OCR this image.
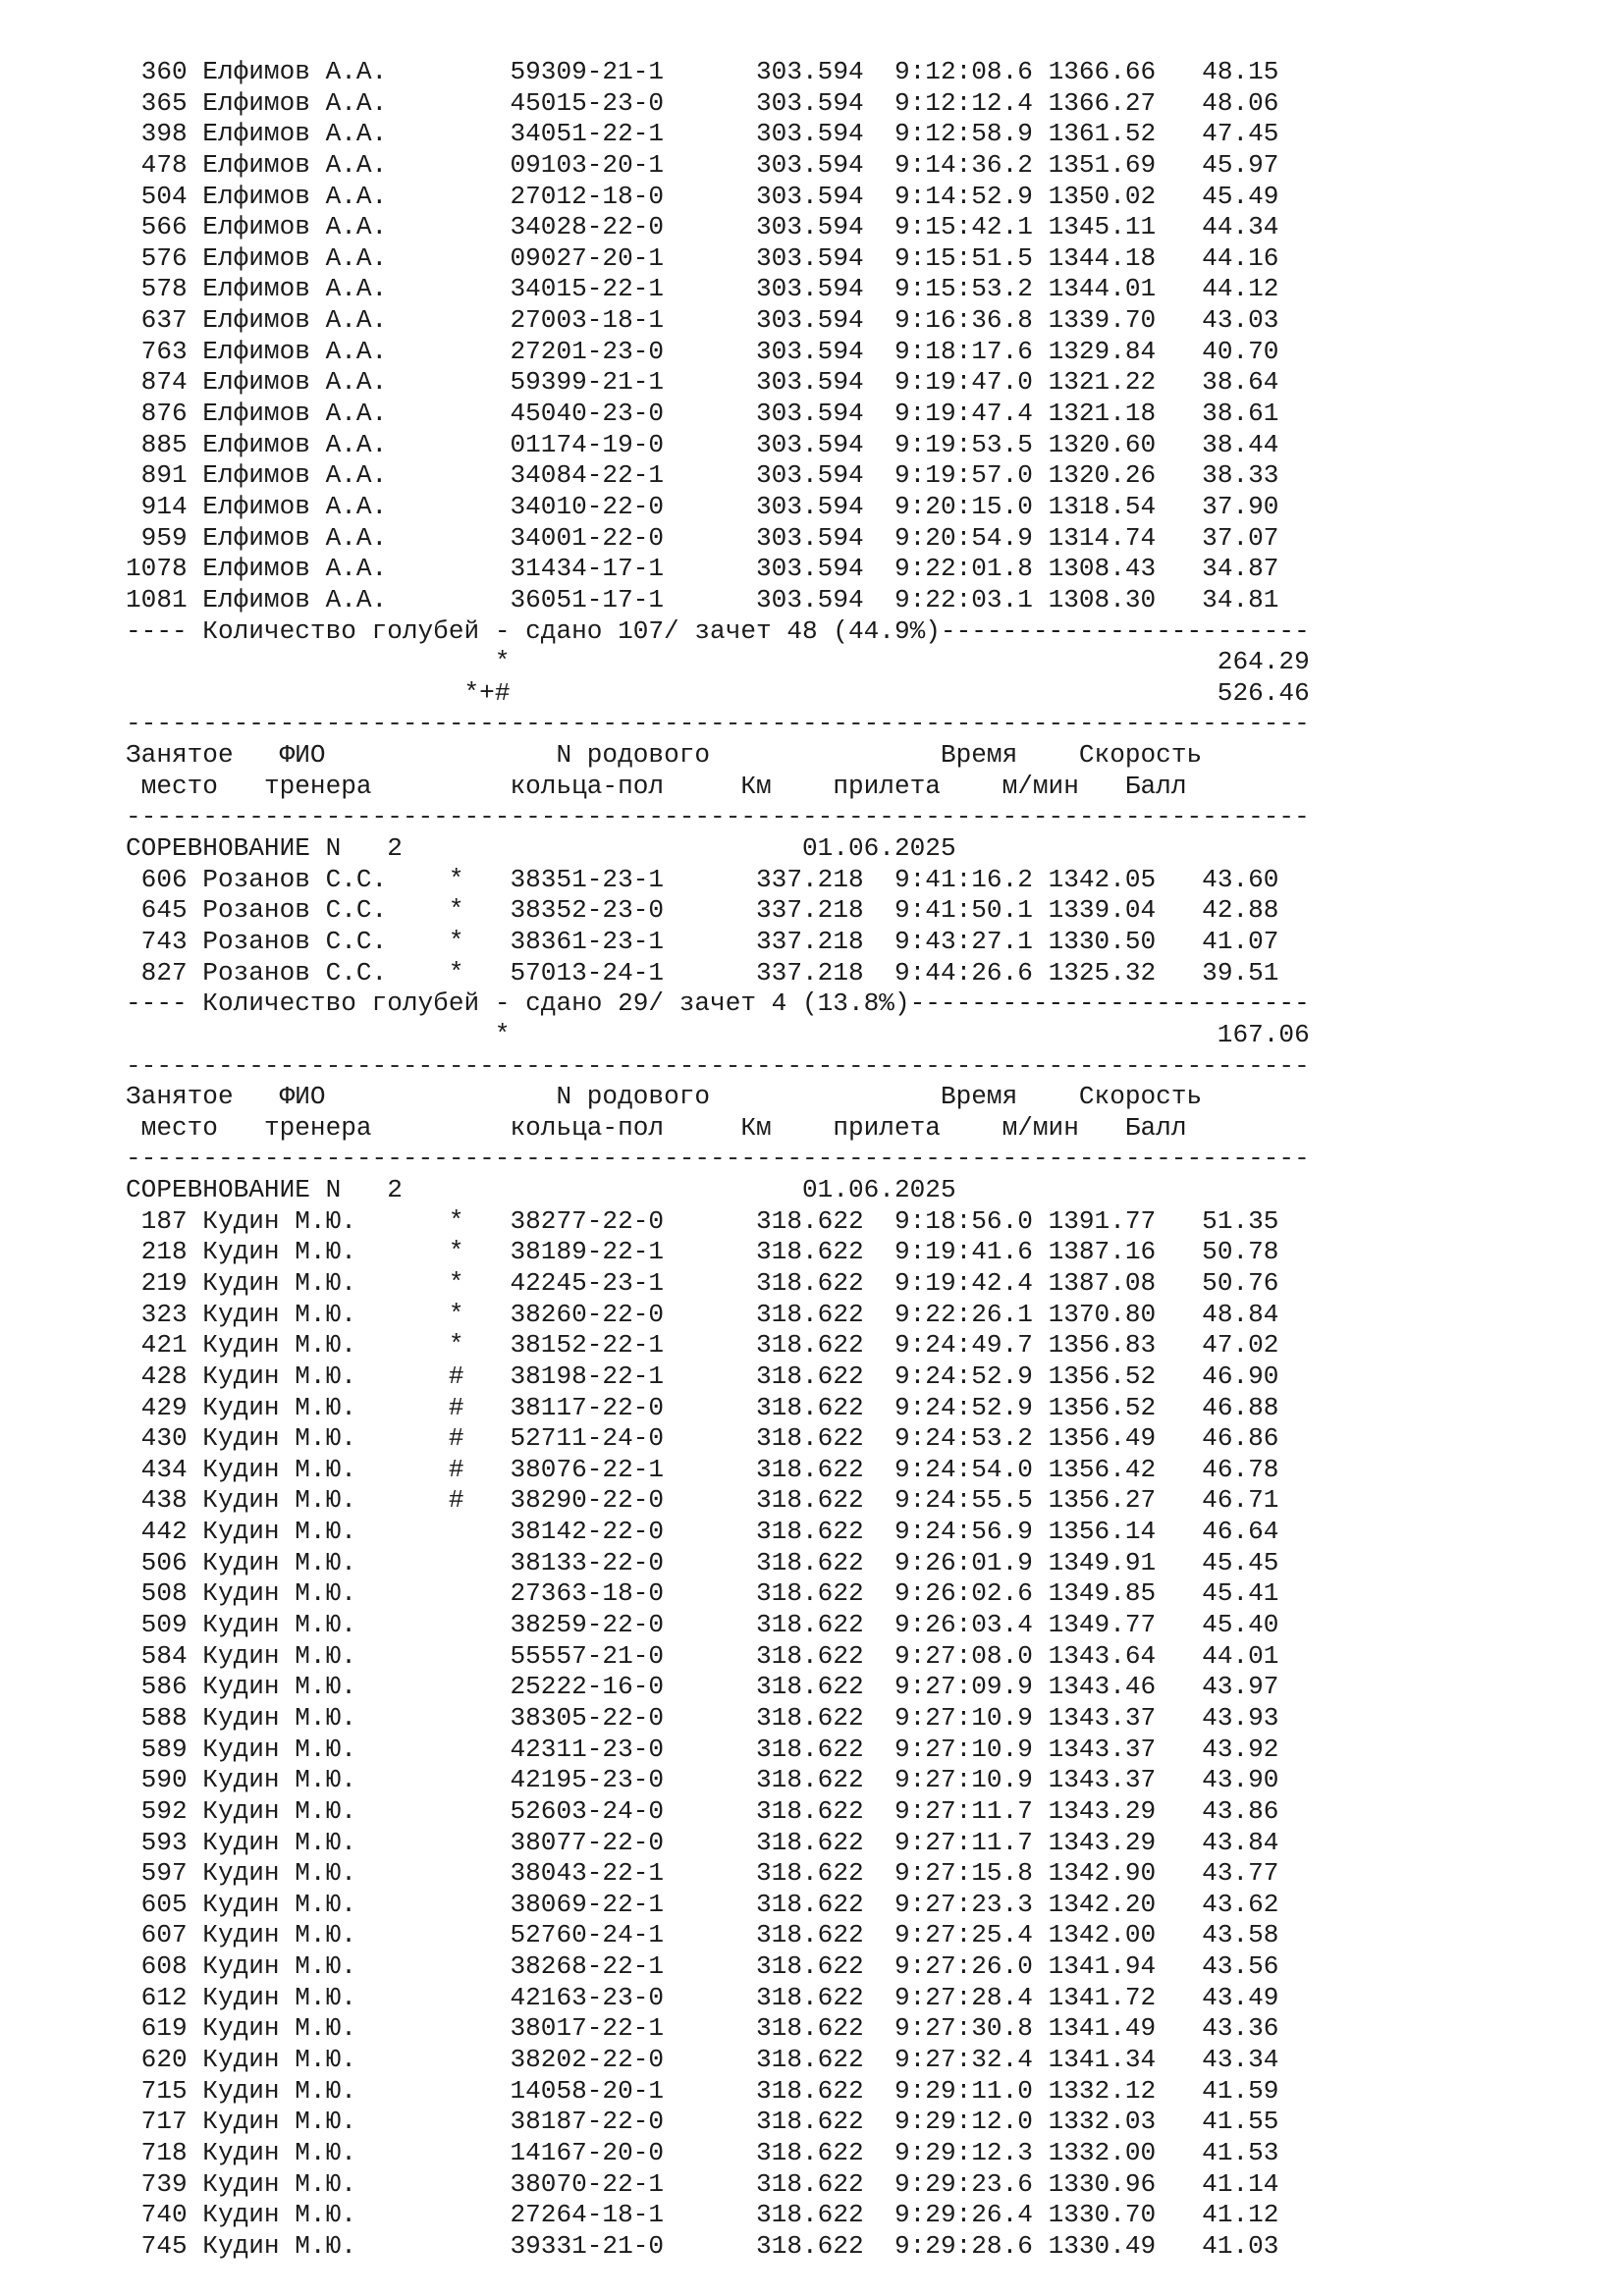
360 Елфимов А.А.        59309-21-1      303.594  9:12:08.6 1366.66   48.15
365 Елфимов А.А.        45015-23-0      303.594  9:12:12.4 1366.27   48.06
398 Елфимов А.А.        34051-22-1      303.594  9:12:58.9 1361.52   47.45
478 Елфимов А.А.        09103-20-1      303.594  9:14:36.2 1351.69   45.97
504 Елфимов А.А.        27012-18-0      303.594  9:14:52.9 1350.02   45.49
566 Елфимов А.А.        34028-22-0      303.594  9:15:42.1 1345.11   44.34
576 Елфимов А.А.        09027-20-1      303.594  9:15:51.5 1344.18   44.16
578 Елфимов А.А.        34015-22-1      303.594  9:15:53.2 1344.01   44.12
637 Елфимов А.А.        27003-18-1      303.594  9:16:36.8 1339.70   43.03
763 Елфимов А.А.        27201-23-0      303.594  9:18:17.6 1329.84   40.70
874 Елфимов А.А.        59399-21-1      303.594  9:19:47.0 1321.22   38.64
876 Елфимов А.А.        45040-23-0      303.594  9:19:47.4 1321.18   38.61
885 Елфимов А.А.        01174-19-0      303.594  9:19:53.5 1320.60   38.44
891 Елфимов А.А.        34084-22-1      303.594  9:19:57.0 1320.26   38.33
914 Елфимов А.А.        34010-22-0      303.594  9:20:15.0 1318.54   37.90
959 Елфимов А.А.        34001-22-0      303.594  9:20:54.9 1314.74   37.07
1078 Елфимов А.А.        31434-17-1      303.594  9:22:01.8 1308.43   34.87
1081 Елфимов А.А.        36051-17-1      303.594  9:22:03.1 1308.30   34.81
---- Количество голубей - сдано 107/ зачет 48 (44.9%)------------------------
*	264.29
*+#	526.46
-----------------------------------------------------------------------------
Занятое   ФИО               N родового               Время    Скорость
место   тренера         кольца-пол     Км    прилета    м/мин   Балл
-----------------------------------------------------------------------------
СОРЕВНОВАНИЕ N   2	01.06.2025
606 Розанов С.С.    *   38351-23-1      337.218  9:41:16.2 1342.05   43.60
645 Розанов С.С.    *   38352-23-0      337.218  9:41:50.1 1339.04   42.88
743 Розанов С.С.    *   38361-23-1      337.218  9:43:27.1 1330.50   41.07
827 Розанов С.С.    *   57013-24-1      337.218  9:44:26.6 1325.32   39.51
---- Количество голубей - сдано 29/ зачет 4 (13.8%)--------------------------
*	167.06
-----------------------------------------------------------------------------
Занятое   ФИО               N родового               Время    Скорость
место   тренера         кольца-пол     Км    прилета    м/мин   Балл
-----------------------------------------------------------------------------
СОРЕВНОВАНИЕ N   2	01.06.2025
187 Кудин М.Ю.      *   38277-22-0      318.622  9:18:56.0 1391.77   51.35
218 Кудин М.Ю.      *   38189-22-1      318.622  9:19:41.6 1387.16   50.78
219 Кудин М.Ю.      *   42245-23-1      318.622  9:19:42.4 1387.08   50.76
323 Кудин М.Ю.      *   38260-22-0      318.622  9:22:26.1 1370.80   48.84
421 Кудин М.Ю.      *   38152-22-1      318.622  9:24:49.7 1356.83   47.02
428 Кудин М.Ю.      #   38198-22-1      318.622  9:24:52.9 1356.52   46.90
429 Кудин М.Ю.      #   38117-22-0      318.622  9:24:52.9 1356.52   46.88
430 Кудин М.Ю.      #   52711-24-0      318.622  9:24:53.2 1356.49   46.86
434 Кудин М.Ю.      #   38076-22-1      318.622  9:24:54.0 1356.42   46.78
438 Кудин М.Ю.      #   38290-22-0      318.622  9:24:55.5 1356.27   46.71
442 Кудин М.Ю.          38142-22-0      318.622  9:24:56.9 1356.14   46.64
506 Кудин М.Ю.          38133-22-0      318.622  9:26:01.9 1349.91   45.45
508 Кудин М.Ю.          27363-18-0      318.622  9:26:02.6 1349.85   45.41
509 Кудин М.Ю.          38259-22-0      318.622  9:26:03.4 1349.77   45.40
584 Кудин М.Ю.          55557-21-0      318.622  9:27:08.0 1343.64   44.01
586 Кудин М.Ю.          25222-16-0      318.622  9:27:09.9 1343.46   43.97
588 Кудин М.Ю.          38305-22-0      318.622  9:27:10.9 1343.37   43.93
589 Кудин М.Ю.          42311-23-0      318.622  9:27:10.9 1343.37   43.92
590 Кудин М.Ю.          42195-23-0      318.622  9:27:10.9 1343.37   43.90
592 Кудин М.Ю.          52603-24-0      318.622  9:27:11.7 1343.29   43.86
593 Кудин М.Ю.          38077-22-0      318.622  9:27:11.7 1343.29   43.84
597 Кудин М.Ю.          38043-22-1      318.622  9:27:15.8 1342.90   43.77
605 Кудин М.Ю.          38069-22-1      318.622  9:27:23.3 1342.20   43.62
607 Кудин М.Ю.          52760-24-1      318.622  9:27:25.4 1342.00   43.58
608 Кудин М.Ю.          38268-22-1      318.622  9:27:26.0 1341.94   43.56
612 Кудин М.Ю.          42163-23-0      318.622  9:27:28.4 1341.72   43.49
619 Кудин М.Ю.          38017-22-1      318.622  9:27:30.8 1341.49   43.36
620 Кудин М.Ю.          38202-22-0      318.622  9:27:32.4 1341.34   43.34
715 Кудин М.Ю.          14058-20-1      318.622  9:29:11.0 1332.12   41.59
717 Кудин М.Ю.          38187-22-0      318.622  9:29:12.0 1332.03   41.55
718 Кудин М.Ю.          14167-20-0      318.622  9:29:12.3 1332.00   41.53
739 Кудин М.Ю.          38070-22-1      318.622  9:29:23.6 1330.96   41.14
740 Кудин М.Ю.          27264-18-1      318.622  9:29:26.4 1330.70   41.12
745 Кудин М.Ю.          39331-21-0      318.622  9:29:28.6 1330.49   41.03
